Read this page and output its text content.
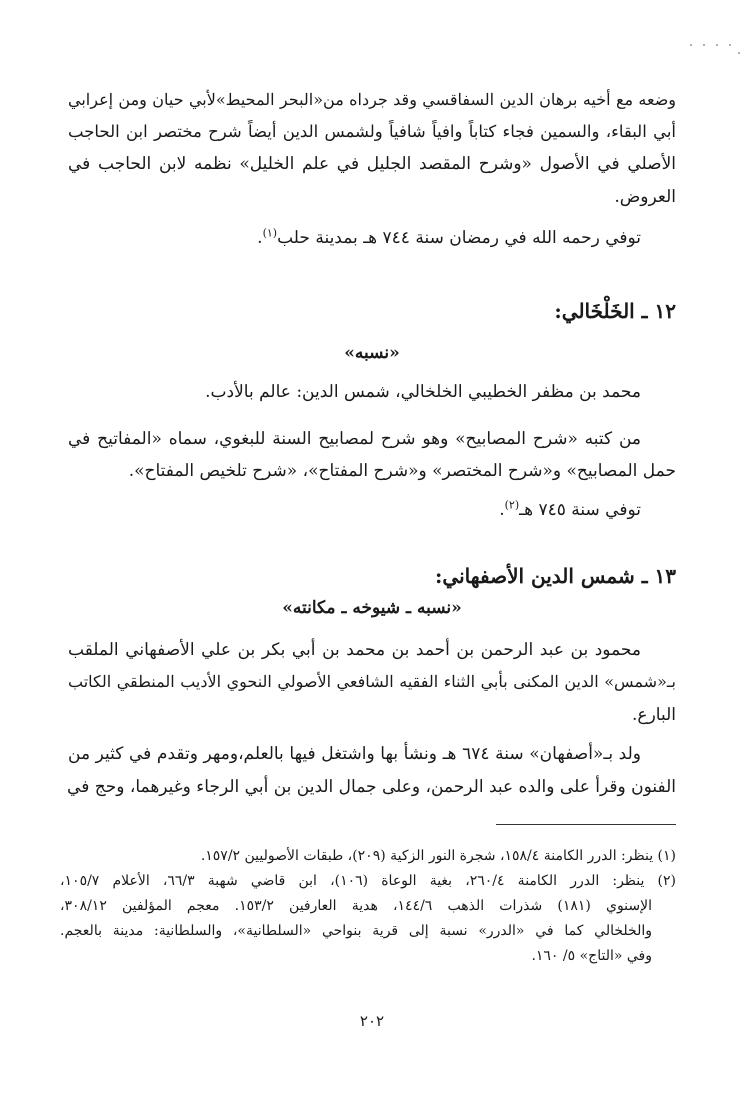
وضعه مع أخيه برهان الدين السفاقسي وقد جرداه من«البحر المحيط»لأبي حيان ومن إعرابي
أبي البقاء، والسمين فجاء كتاباً وافياً شافياً ولشمس الدين أيضاً شرح مختصر ابن الحاجب
الأصلي في الأصول «وشرح المقصد الجليل في علم الخليل» نظمه لابن الحاجب في
العروض.
توفي رحمه الله في رمضان سنة ٧٤٤ هـ بمدينة حلب$^{(١)}$.
١٢ ـ الخَلْخَالي:
«نسبه»
محمد بن مظفر الخطيبي الخلخالي، شمس الدين: عالم بالأدب.
من كتبه «شرح المصابيح» وهو شرح لمصابيح السنة للبغوي، سماه «المفاتيح في
حمل المصابيح» و«شرح المختصر» و«شرح المفتاح»، «شرح تلخيص المفتاح».
توفي سنة ٧٤٥ هـ$^{(٢)}$.
١٣ ـ شمس الدين الأصفهاني:
«نسبه ـ شيوخه ـ مكانته»
محمود بن عبد الرحمن بن أحمد بن محمد بن أبي بكر بن علي الأصفهاني الملقب
بـ«شمس» الدين المكنى بأبي الثناء الفقيه الشافعي الأصولي النحوي الأديب المنطقي الكاتب
البارع.
ولد بـ«أصفهان» سنة ٦٧٤ هـ ونشأ بها واشتغل فيها بالعلم،ومهر وتقدم في كثير من
الفنون وقرأ على والده عبد الرحمن، وعلى جمال الدين بن أبي الرجاء وغيرهما، وحج في
(١) ينظر: الدرر الكامنة ١٥٨/٤، شجرة النور الزكية (٢٠٩)، طبقات الأصوليين ١٥٧/٢.
(٢) ينظر: الدرر الكامنة ٢٦٠/٤، بغية الوعاة (١٠٦)، ابن قاضي شهبة ٦٦/٣، الأعلام ١٠٥/٧،
الإسنوي (١٨١) شذرات الذهب ١٤٤/٦، هدية العارفين ١٥٣/٢. معجم المؤلفين ٣٠٨/١٢،
والخلخالي كما في «الدرر» نسبة إلى قرية بنواحي «السلطانية»، والسلطانية: مدينة بالعجم.
وفي «التاج» ٥/ ١٦٠.
٢٠٢
